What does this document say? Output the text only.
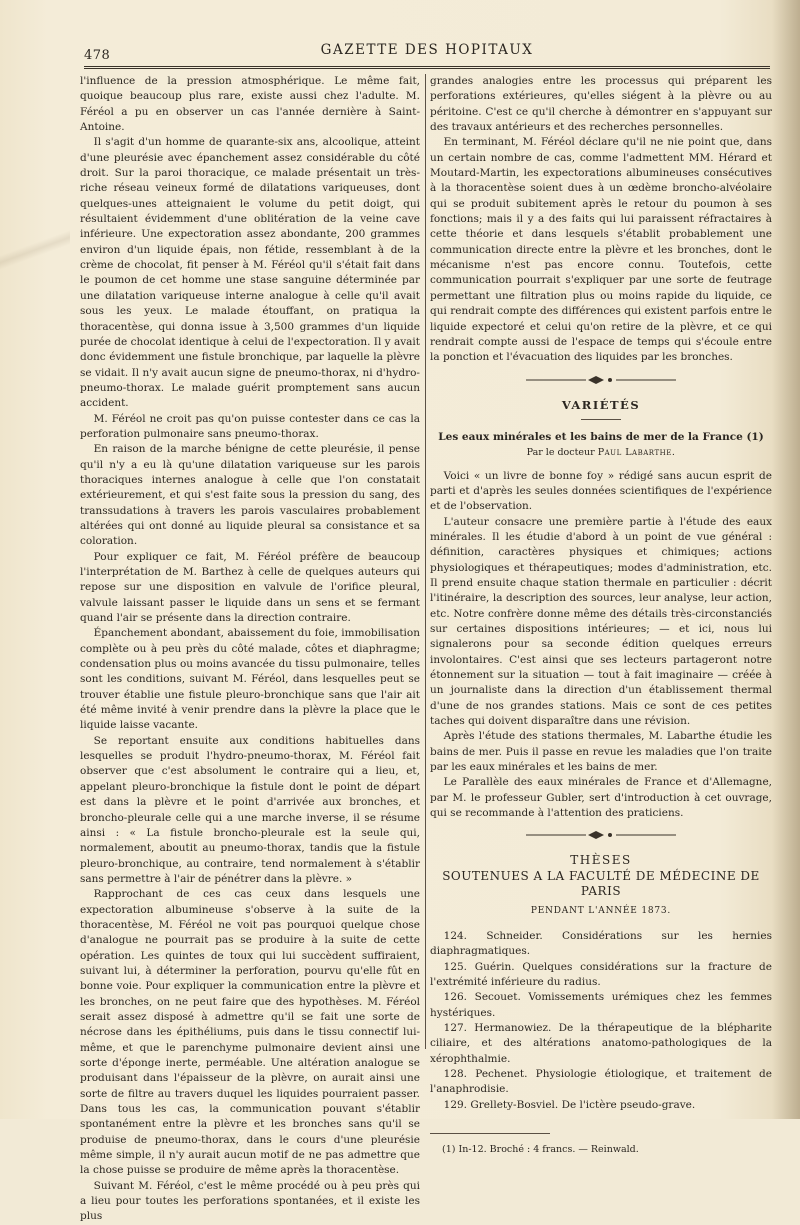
478	GAZETTE DES HOPITAUX

l'influence de la pression atmosphérique. Le même fait, quoique beaucoup plus rare, existe aussi chez l'adulte. M. Féréol a pu en observer un cas l'année dernière à Saint-Antoine.

Il s'agit d'un homme de quarante-six ans, alcoolique, atteint d'une pleurésie avec épanchement assez considérable du côté droit. Sur la paroi thoracique, ce malade présentait un très-riche réseau veineux formé de dilatations variqueuses, dont quelques-unes atteignaient le volume du petit doigt, qui résultaient évidemment d'une oblitération de la veine cave inférieure. Une expectoration assez abondante, 200 grammes environ d'un liquide épais, non fétide, ressemblant à de la crème de chocolat, fit penser à M. Féréol qu'il s'était fait dans le poumon de cet homme une stase sanguine déterminée par une dilatation variqueuse interne analogue à celle qu'il avait sous les yeux. Le malade étouffant, on pratiqua la thoracentèse, qui donna issue à 3,500 grammes d'un liquide purée de chocolat identique à celui de l'expectoration. Il y avait donc évidemment une fistule bronchique, par laquelle la plèvre se vidait. Il n'y avait aucun signe de pneumo-thorax, ni d'hydro-pneumo-thorax. Le malade guérit promptement sans aucun accident.

M. Féréol ne croit pas qu'on puisse contester dans ce cas la perforation pulmonaire sans pneumo-thorax.

En raison de la marche bénigne de cette pleurésie, il pense qu'il n'y a eu là qu'une dilatation variqueuse sur les parois thoraciques internes analogue à celle que l'on constatait extérieurement, et qui s'est faite sous la pression du sang, des transsudations à travers les parois vasculaires probablement altérées qui ont donné au liquide pleural sa consistance et sa coloration.

Pour expliquer ce fait, M. Féréol préfère de beaucoup l'interprétation de M. Barthez à celle de quelques auteurs qui repose sur une disposition en valvule de l'orifice pleural, valvule laissant passer le liquide dans un sens et se fermant quand l'air se présente dans la direction contraire.

Épanchement abondant, abaissement du foie, immobilisation complète ou à peu près du côté malade, côtes et diaphragme; condensation plus ou moins avancée du tissu pulmonaire, telles sont les conditions, suivant M. Féréol, dans lesquelles peut se trouver établie une fistule pleuro-bronchique sans que l'air ait été même invité à venir prendre dans la plèvre la place que le liquide laisse vacante.

Se reportant ensuite aux conditions habituelles dans lesquelles se produit l'hydro-pneumo-thorax, M. Féréol fait observer que c'est absolument le contraire qui a lieu, et, appelant pleuro-bronchique la fistule dont le point de départ est dans la plèvre et le point d'arrivée aux bronches, et broncho-pleurale celle qui a une marche inverse, il se résume ainsi : « La fistule broncho-pleurale est la seule qui, normalement, aboutit au pneumo-thorax, tandis que la fistule pleuro-bronchique, au contraire, tend normalement à s'établir sans permettre à l'air de pénétrer dans la plèvre. »

Rapprochant de ces cas ceux dans lesquels une expectoration albumineuse s'observe à la suite de la thoracentèse, M. Féréol ne voit pas pourquoi quelque chose d'analogue ne pourrait pas se produire à la suite de cette opération. Les quintes de toux qui lui succèdent suffiraient, suivant lui, à déterminer la perforation, pourvu qu'elle fût en bonne voie. Pour expliquer la communication entre la plèvre et les bronches, on ne peut faire que des hypothèses. M. Féréol serait assez disposé à admettre qu'il se fait une sorte de nécrose dans les épithéliums, puis dans le tissu connectif lui-même, et que le parenchyme pulmonaire devient ainsi une sorte d'éponge inerte, perméable. Une altération analogue se produisant dans l'épaisseur de la plèvre, on aurait ainsi une sorte de filtre au travers duquel les liquides pourraient passer. Dans tous les cas, la communication pouvant s'établir spontanément entre la plèvre et les bronches sans qu'il se produise de pneumo-thorax, dans le cours d'une pleurésie même simple, il n'y aurait aucun motif de ne pas admettre que la chose puisse se produire de même après la thoracentèse.

Suivant M. Féréol, c'est le même procédé ou à peu près qui a lieu pour toutes les perforations spontanées, et il existe les plus

grandes analogies entre les processus qui préparent les perforations extérieures, qu'elles siégent à la plèvre ou au péritoine. C'est ce qu'il cherche à démontrer en s'appuyant sur des travaux antérieurs et des recherches personnelles.

En terminant, M. Féréol déclare qu'il ne nie point que, dans un certain nombre de cas, comme l'admettent MM. Hérard et Moutard-Martin, les expectorations albumineuses consécutives à la thoracentèse soient dues à un œdème broncho-alvéolaire qui se produit subitement après le retour du poumon à ses fonctions; mais il y a des faits qui lui paraissent réfractaires à cette théorie et dans lesquels s'établit probablement une communication directe entre la plèvre et les bronches, dont le mécanisme n'est pas encore connu. Toutefois, cette communication pourrait s'expliquer par une sorte de feutrage permettant une filtration plus ou moins rapide du liquide, ce qui rendrait compte des différences qui existent parfois entre le liquide expectoré et celui qu'on retire de la plèvre, et ce qui rendrait compte aussi de l'espace de temps qui s'écoule entre la ponction et l'évacuation des liquides par les bronches.

VARIÉTÉS
Les eaux minérales et les bains de mer de la France (1)
Par le docteur Paul Labarthe.

Voici « un livre de bonne foy » rédigé sans aucun esprit de parti et d'après les seules données scientifiques de l'expérience et de l'observation.

L'auteur consacre une première partie à l'étude des eaux minérales. Il les étudie d'abord à un point de vue général : définition, caractères physiques et chimiques; actions physiologiques et thérapeutiques; modes d'administration, etc. Il prend ensuite chaque station thermale en particulier : décrit l'itinéraire, la description des sources, leur analyse, leur action, etc. Notre confrère donne même des détails très-circonstanciés sur certaines dispositions intérieures; — et ici, nous lui signalerons pour sa seconde édition quelques erreurs involontaires. C'est ainsi que ses lecteurs partageront notre étonnement sur la situation — tout à fait imaginaire — créée à un journaliste dans la direction d'un établissement thermal d'une de nos grandes stations. Mais ce sont de ces petites taches qui doivent disparaître dans une révision.

Après l'étude des stations thermales, M. Labarthe étudie les bains de mer. Puis il passe en revue les maladies que l'on traite par les eaux minérales et les bains de mer.

Le Parallèle des eaux minérales de France et d'Allemagne, par M. le professeur Gubler, sert d'introduction à cet ouvrage, qui se recommande à l'attention des praticiens.

THÈSES
SOUTENUES A LA FACULTÉ DE MÉDECINE DE PARIS
PENDANT L'ANNÉE 1873.

124. Schneider. Considérations sur les hernies diaphragmatiques.

125. Guérin. Quelques considérations sur la fracture de l'extrémité inférieure du radius.

126. Secouet. Vomissements urémiques chez les femmes hystériques.

127. Hermanowiez. De la thérapeutique de la blépharite ciliaire, et des altérations anatomo-pathologiques de la xérophthalmie.

128. Pechenet. Physiologie étiologique, et traitement de l'anaphrodisie.

129. Grellety-Bosviel. De l'ictère pseudo-grave.

(1) In-12. Broché : 4 francs. — Reinwald.
